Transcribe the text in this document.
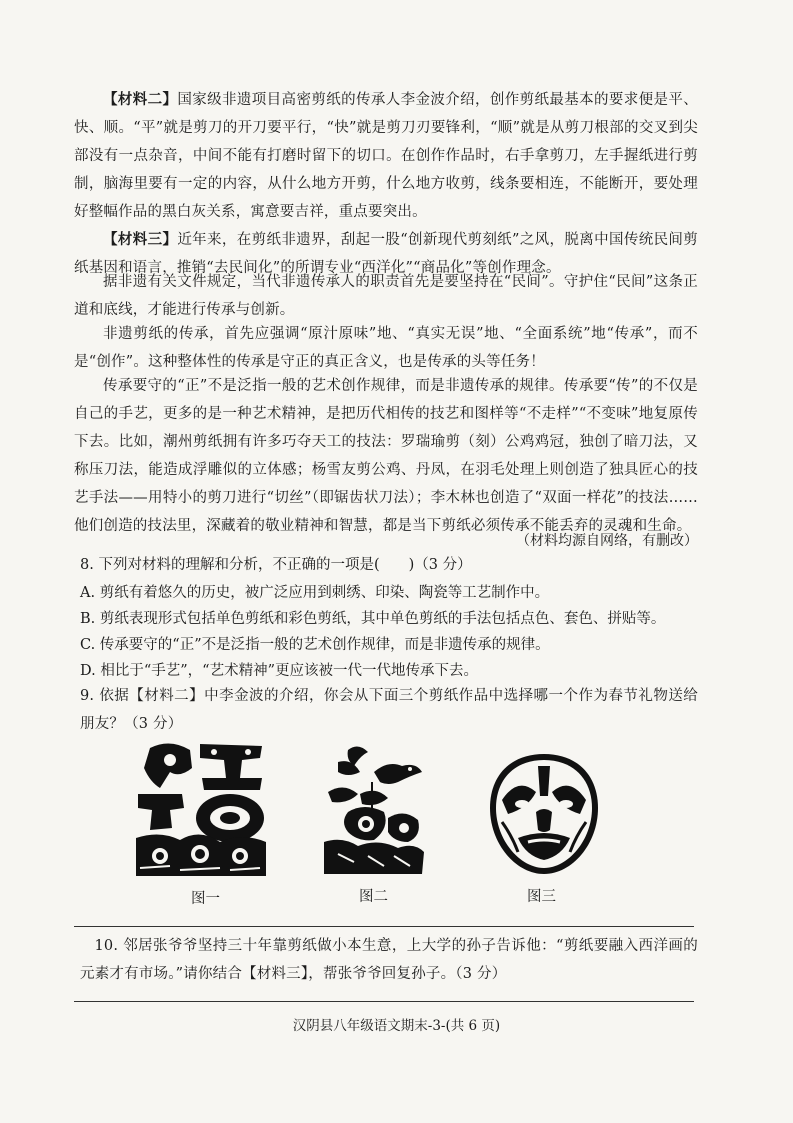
【材料二】国家级非遗项目高密剪纸的传承人李金波介绍，创作剪纸最基本的要求便是平、快、顺。“平”就是剪刀的开刀要平行，“快”就是剪刀刃要锋利，“顺”就是从剪刀根部的交叉到尖部没有一点杂音，中间不能有打磨时留下的切口。在创作作品时，右手拿剪刀，左手握纸进行剪制，脑海里要有一定的内容，从什么地方开剪，什么地方收剪，线条要相连，不能断开，要处理好整幅作品的黑白灰关系，寓意要吉祥，重点要突出。
【材料三】近年来，在剪纸非遗界，刮起一股“创新现代剪刻纸”之风，脱离中国传统民间剪纸基因和语言，推销“去民间化”的所谓专业“西洋化”“商品化”等创作理念。
据非遗有关文件规定，当代非遗传承人的职责首先是要坚持在“民间”。守护住“民间”这条正道和底线，才能进行传承与创新。
非遗剪纸的传承，首先应强调“原汁原味”地、“真实无误”地、“全面系统”地“传承”，而不是“创作”。这种整体性的传承是守正的真正含义，也是传承的头等任务！
传承要守的“正”不是泛指一般的艺术创作规律，而是非遗传承的规律。传承要“传”的不仅是自己的手艺，更多的是一种艺术精神，是把历代相传的技艺和图样等“不走样”“不变味”地复原传下去。比如，潮州剪纸拥有许多巧夺天工的技法：罗瑞瑜剪（刻）公鸡鸡冠，独创了暗刀法，又称压刀法，能造成浮雕似的立体感；杨雪友剪公鸡、丹凤，在羽毛处理上则创造了独具匠心的技艺手法——用特小的剪刀进行“切丝”（即锯齿状刀法）；李木林也创造了“双面一样花”的技法……他们创造的技法里，深藏着的敬业精神和智慧，都是当下剪纸必须传承不能丢弃的灵魂和生命。
（材料均源自网络，有删改）
8. 下列对材料的理解和分析，不正确的一项是(　　)（3 分）
A. 剪纸有着悠久的历史，被广泛应用到刺绣、印染、陶瓷等工艺制作中。
B. 剪纸表现形式包括单色剪纸和彩色剪纸，其中单色剪纸的手法包括点色、套色、拼贴等。
C. 传承要守的“正”不是泛指一般的艺术创作规律，而是非遗传承的规律。
D. 相比于“手艺”，“艺术精神”更应该被一代一代地传承下去。
9. 依据【材料二】中李金波的介绍，你会从下面三个剪纸作品中选择哪一个作为春节礼物送给朋友？（3 分）
图一	图二	图三
10. 邻居张爷爷坚持三十年靠剪纸做小本生意，上大学的孙子告诉他：“剪纸要融入西洋画的元素才有市场。”请你结合【材料三】，帮张爷爷回复孙子。（3 分）
汉阴县八年级语文期末-3-(共 6 页)
